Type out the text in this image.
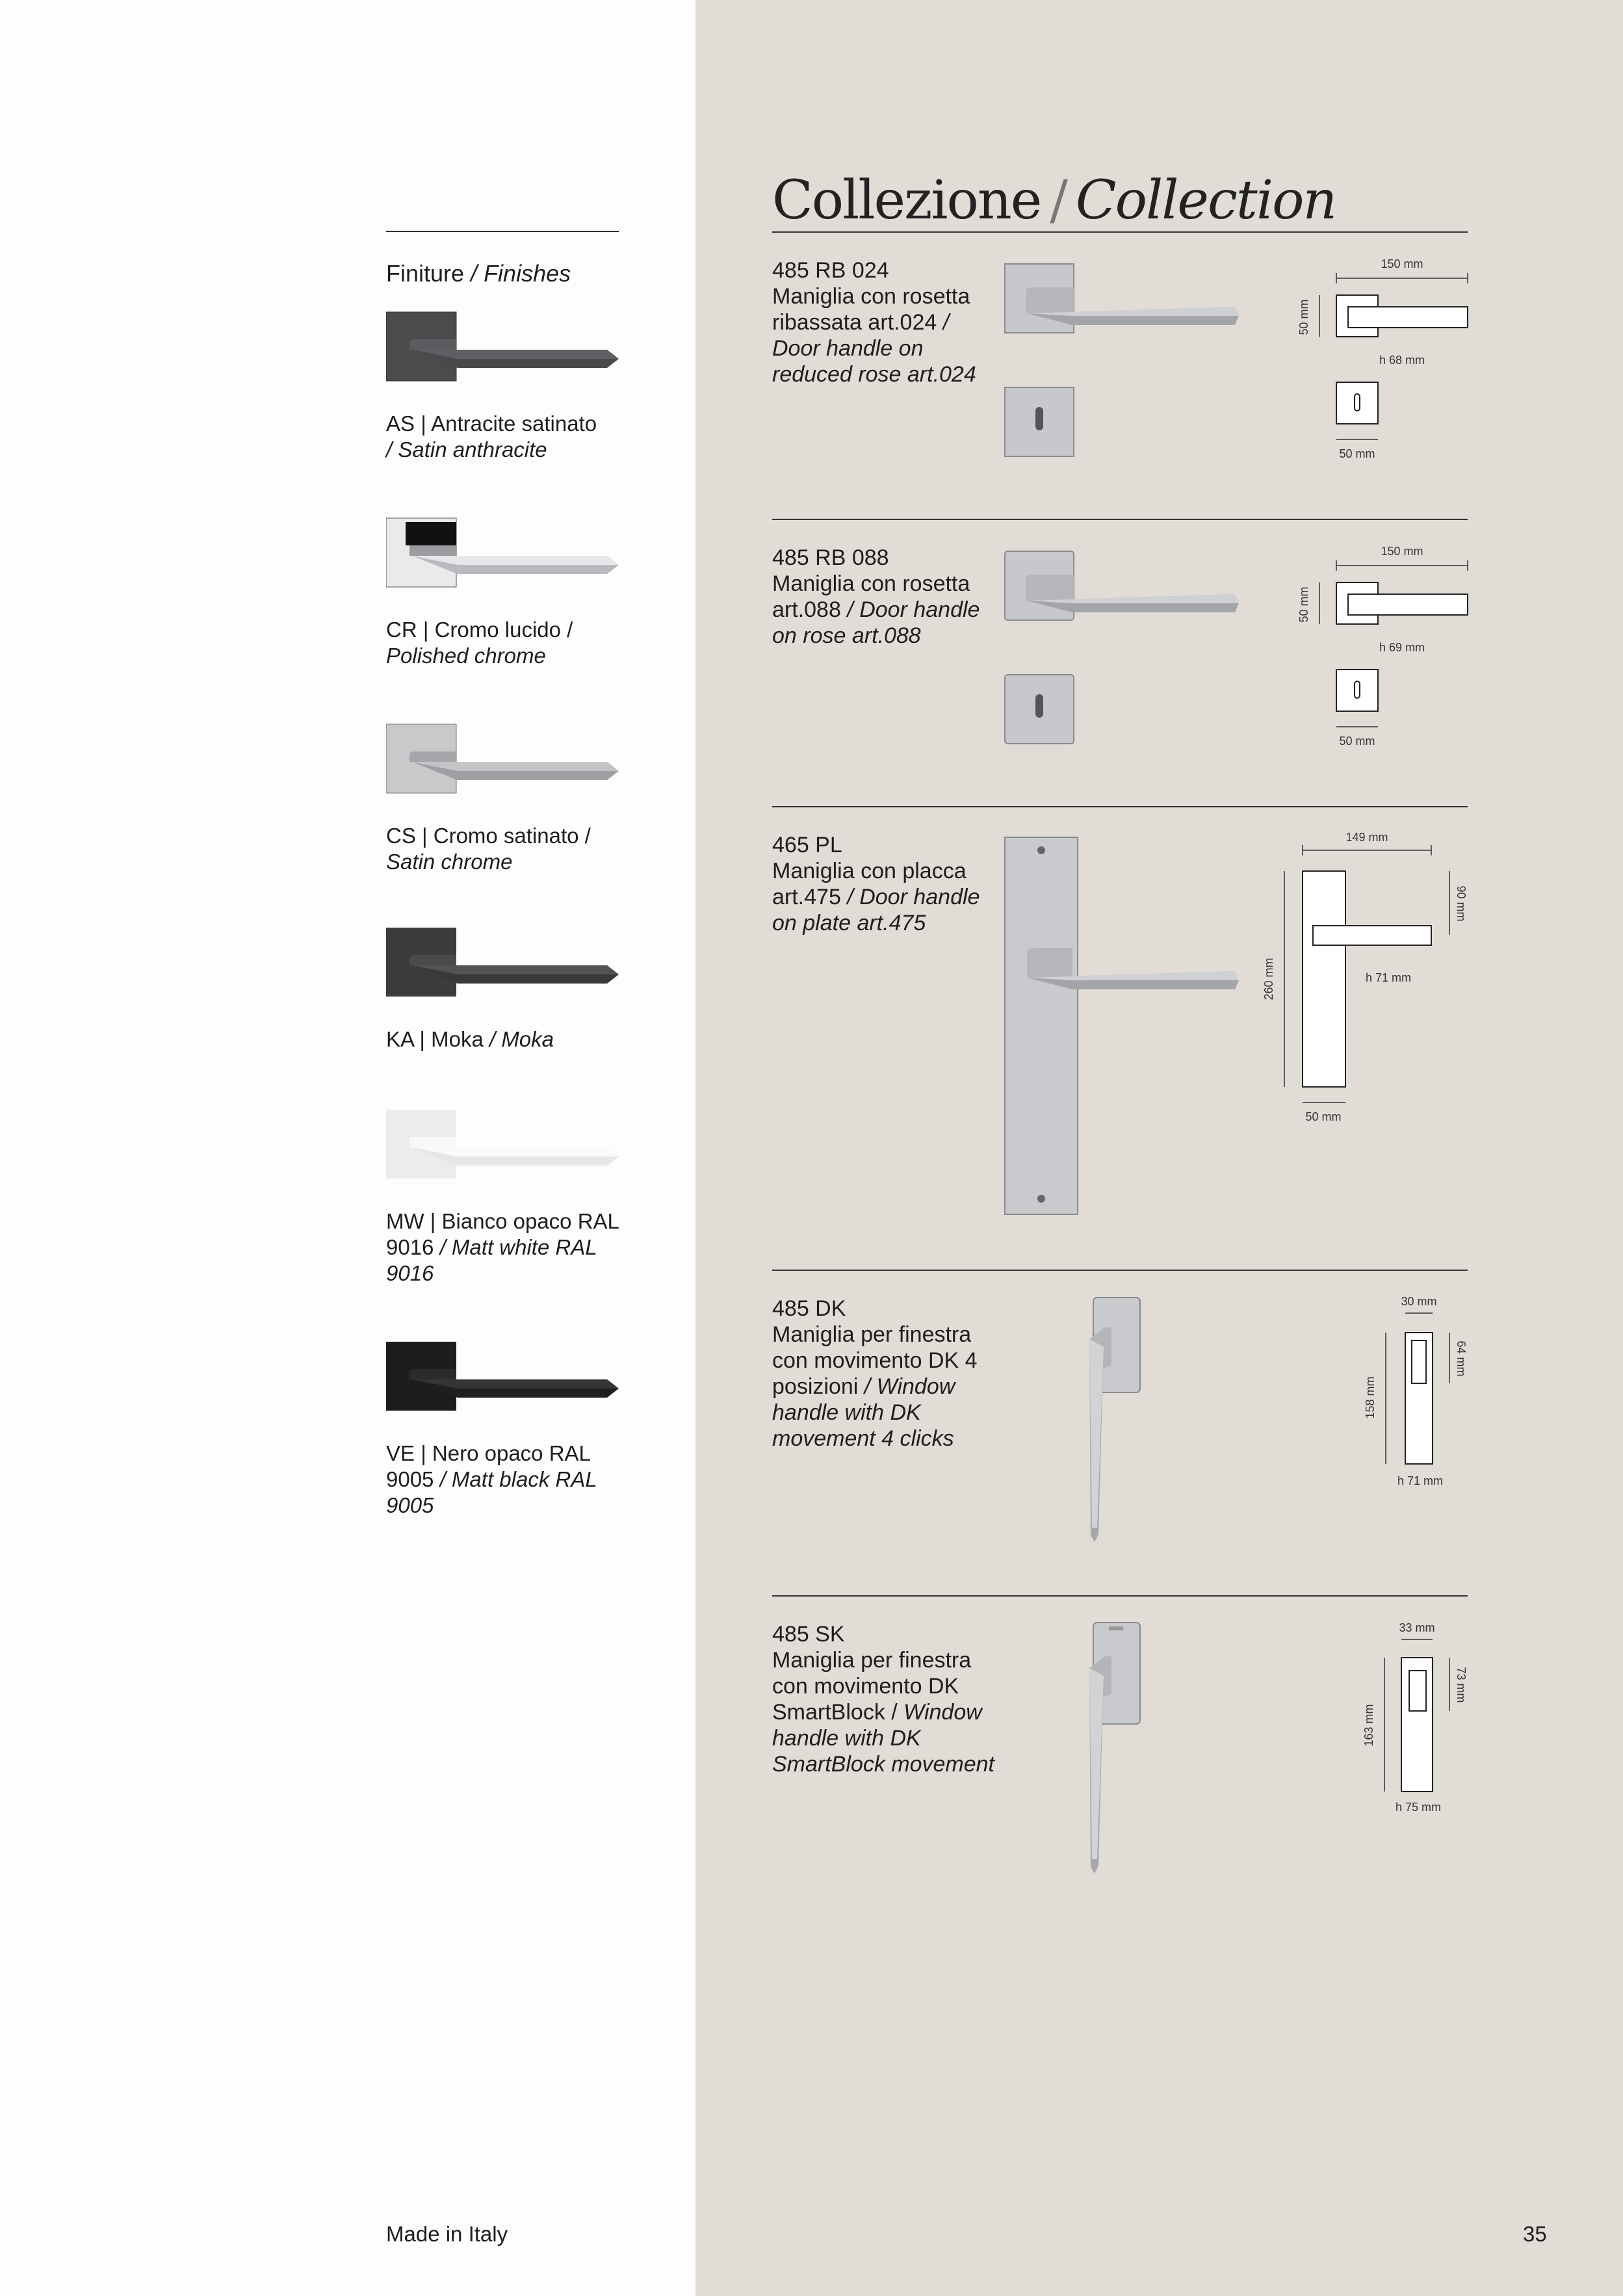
Collezione / Collection
Finiture / Finishes
AS | Antracite satinato
/ Satin anthracite
CR | Cromo lucido /
Polished chrome
CS | Cromo satinato /
Satin chrome
KA | Moka / Moka
MW | Bianco opaco RAL 9016 / Matt white RAL 9016
VE | Nero opaco RAL 9005 / Matt black RAL 9005
485 RB 024
Maniglia con rosetta ribassata art.024 / Door handle on reduced rose art.024
150 mm
50 mm
h 68 mm
50 mm
485 RB 088
Maniglia con rosetta art.088 / Door handle on rose art.088
150 mm
50 mm
h 69 mm
50 mm
465 PL
Maniglia con placca art.475 / Door handle on plate art.475
149 mm
260 mm
90 mm
h 71 mm
50 mm
485 DK
Maniglia per finestra con movimento DK 4 posizioni / Window handle with DK movement 4 clicks
30 mm
158 mm
64 mm
h 71 mm
485 SK
Maniglia per finestra con movimento DK SmartBlock / Window handle with DK SmartBlock movement
33 mm
163 mm
73 mm
h 75 mm
Made in Italy	35
